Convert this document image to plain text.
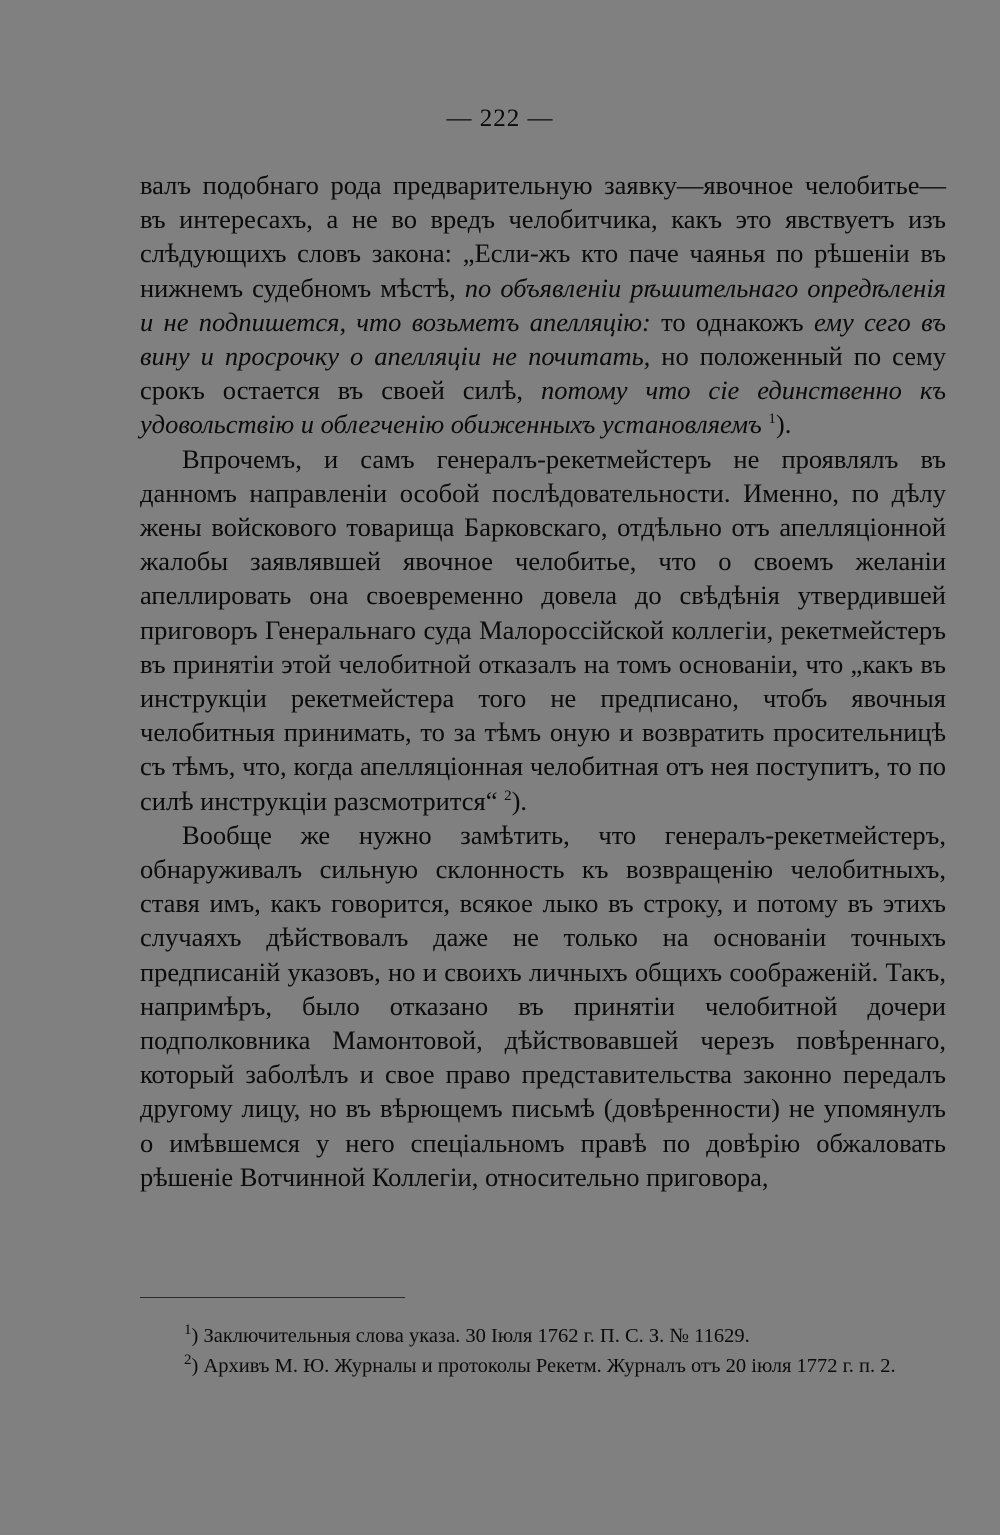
— 222 —

валъ подобнаго рода предварительную заявку—явочное челобитье—въ интересахъ, а не во вредъ челобитчика, какъ это явствуетъ изъ слѣдующихъ словъ закона: „Если-жъ кто паче чаянья по рѣшеніи въ нижнемъ судебномъ мѣстѣ, по объявленіи рѣшительнаго опредѣленія и не подпишется, что возьметъ апелляцію: то однакожъ ему сего въ вину и просрочку о апелляціи не почитать, но положенный по сему срокъ остается въ своей силѣ, потому что сіе единственно къ удовольствію и облегченію обиженныхъ установляемъ $^1$).

Впрочемъ, и самъ генералъ-рекетмейстеръ не проявлялъ въ данномъ направленіи особой послѣдовательности. Именно, по дѣлу жены войскового товарища Барковскаго, отдѣльно отъ апелляціонной жалобы заявлявшей явочное челобитье, что о своемъ желаніи апеллировать она своевременно довела до свѣдѣнія утвердившей приговоръ Генеральнаго суда Малороссійской коллегіи, рекетмейстеръ въ принятіи этой челобитной отказалъ на томъ основаніи, что „какъ въ инструкціи рекетмейстера того не предписано, чтобъ явочныя челобитныя принимать, то за тѣмъ оную и возвратить просительницѣ съ тѣмъ, что, когда апелляціонная челобитная отъ нея поступитъ, то по силѣ инструкціи разсмотрится“ $^2$).

Вообще же нужно замѣтить, что генералъ-рекетмейстеръ, обнаруживалъ сильную склонность къ возвращенію челобитныхъ, ставя имъ, какъ говорится, всякое лыко въ строку, и потому въ этихъ случаяхъ дѣйствовалъ даже не только на основаніи точныхъ предписаній указовъ, но и своихъ личныхъ общихъ соображеній. Такъ, напримѣръ, было отказано въ принятіи челобитной дочери подполковника Мамонтовой, дѣйствовавшей черезъ повѣреннаго, который заболѣлъ и свое право представительства законно передалъ другому лицу, но въ вѣрющемъ письмѣ (довѣренности) не упомянулъ о имѣвшемся у него спеціальномъ правѣ по довѣрію обжаловать рѣшеніе Вотчинной Коллегіи, относительно приговора,

$^1$) Заключительныя слова указа. 30 Іюля 1762 г. П. С. З. № 11629.

$^2$) Архивъ М. Ю. Журналы и протоколы Рекетм. Журналъ отъ 20 іюля 1772 г. п. 2.
